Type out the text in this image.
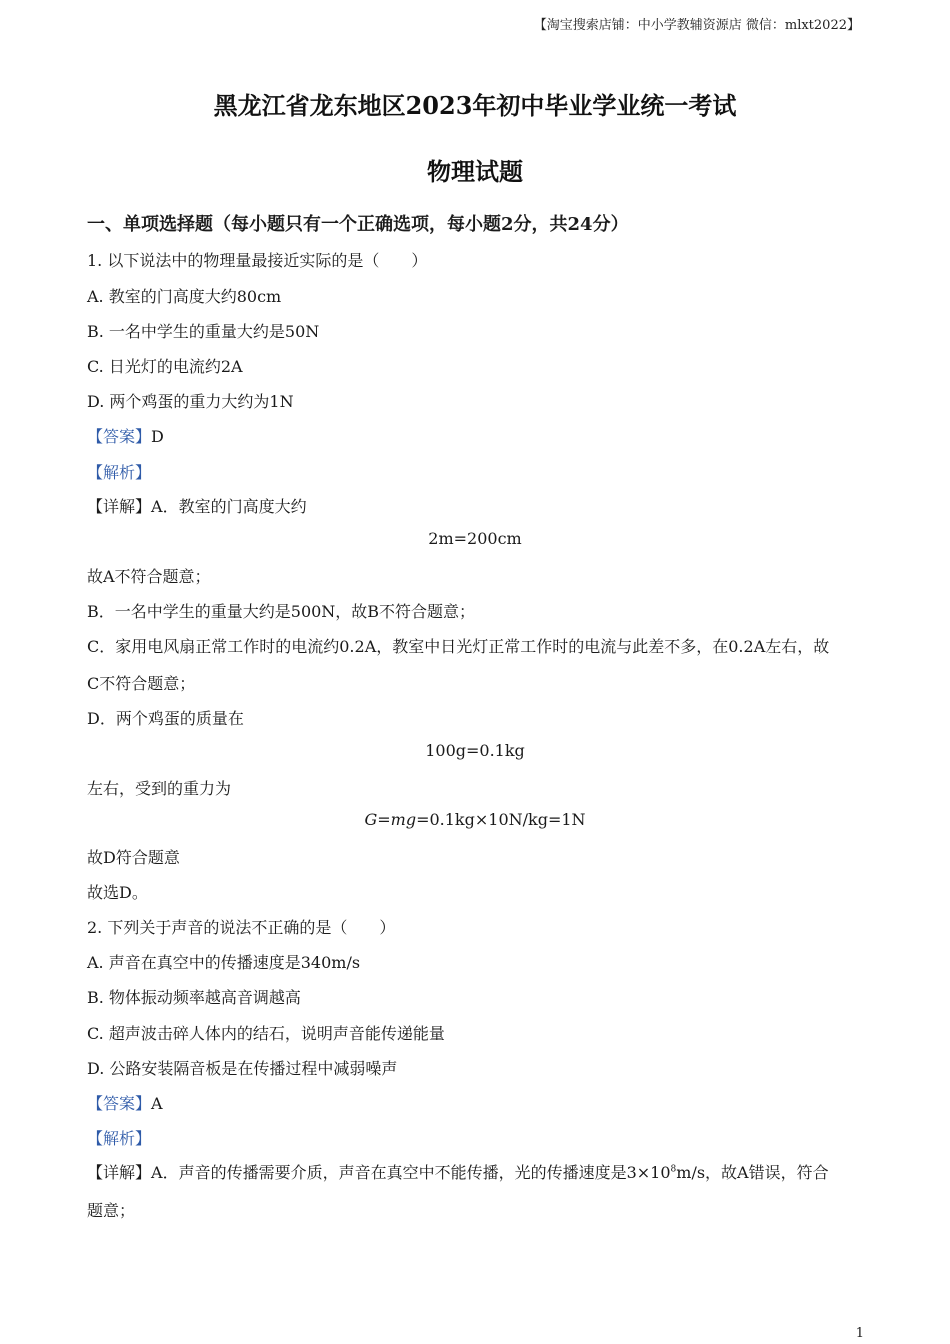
【淘宝搜索店铺：中小学教辅资源店 微信：mlxt2022】
黑龙江省龙东地区2023年初中毕业学业统一考试
物理试题
一、单项选择题（每小题只有一个正确选项，每小题2分，共24分）
1. 以下说法中的物理量最接近实际的是（　　）
A. 教室的门高度大约80cm
B. 一名中学生的重量大约是50N
C. 日光灯的电流约2A
D. 两个鸡蛋的重力大约为1N
【答案】D
【解析】
【详解】A．教室的门高度大约
2m=200cm
故A不符合题意；
B．一名中学生的重量大约是500N，故B不符合题意；
C．家用电风扇正常工作时的电流约0.2A，教室中日光灯正常工作时的电流与此差不多，在0.2A左右，故
C不符合题意；
D．两个鸡蛋的质量在
100g=0.1kg
左右，受到的重力为
G=mg=0.1kg×10N/kg=1N
故D符合题意
故选D。
2. 下列关于声音的说法不正确的是（　　）
A. 声音在真空中的传播速度是340m/s
B. 物体振动频率越高音调越高
C. 超声波击碎人体内的结石，说明声音能传递能量
D. 公路安装隔音板是在传播过程中减弱噪声
【答案】A
【解析】
【详解】A．声音的传播需要介质，声音在真空中不能传播，光的传播速度是$3\times 10^8m/s$，故A错误，符合
题意；
1
